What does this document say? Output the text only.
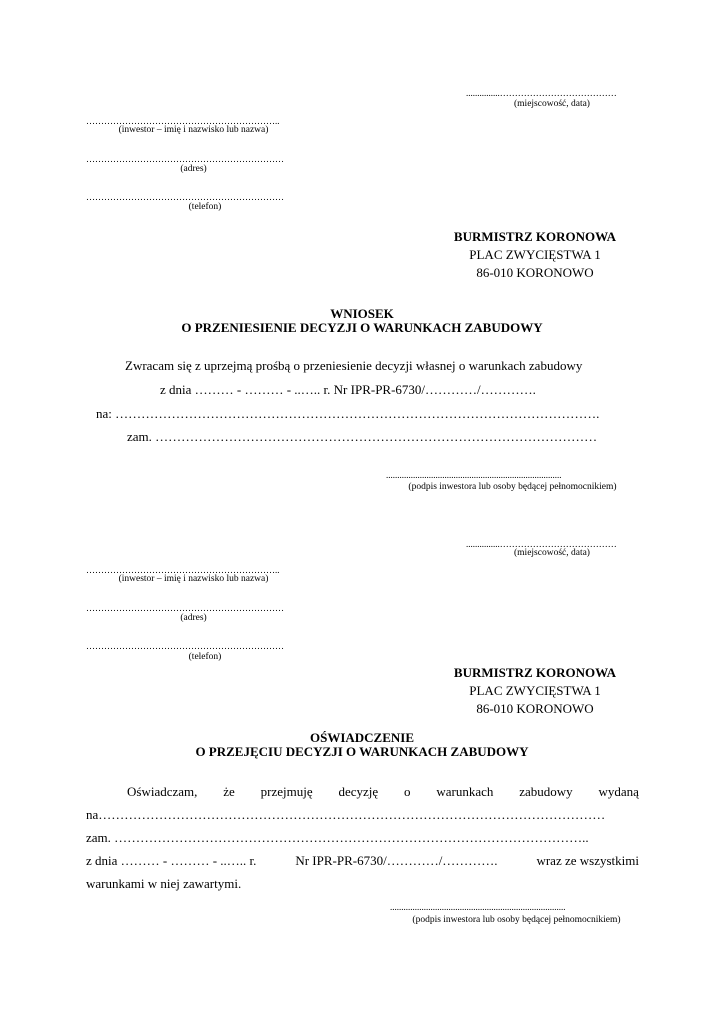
...............…………………………………
(miejscowość, data)
………………………………………………………..
(inwestor – imię i nazwisko lub nazwa)
…………………………………………………………
(adres)
…………………………………………………………
(telefon)
BURMISTRZ KORONOWA
PLAC ZWYCIĘSTWA 1
86-010 KORONOWO
WNIOSEK
O PRZENIESIENIE DECYZJI O WARUNKACH ZABUDOWY
Zwracam się z uprzejmą prośbą o przeniesienie decyzji własnej o warunkach zabudowy
z dnia ……… - ……… - ..….. r. Nr IPR-PR-6730/…………/………….
na: ………………………………………………………………………………………………….
zam. …………………………………………………………………………………………
..............................................................................
(podpis inwestora lub osoby będącej pełnomocnikiem)
...............…………………………………
(miejscowość, data)
………………………………………………………..
(inwestor – imię i nazwisko lub nazwa)
…………………………………………………………
(adres)
…………………………………………………………
(telefon)
BURMISTRZ KORONOWA
PLAC ZWYCIĘSTWA 1
86-010 KORONOWO
OŚWIADCZENIE
O PRZEJĘCIU DECYZJI O WARUNKACH ZABUDOWY
Oświadczam, że przejmuję decyzję o warunkach zabudowy wydaną
na………………………………………………………………………………………………………
zam. ………………………………………………………………………………………………..
z dnia ……… - ……… - ..….. r.	Nr IPR-PR-6730/…………/………….	wraz ze wszystkimi
warunkami w niej zawartymi.
..............................................................................
(podpis inwestora lub osoby będącej pełnomocnikiem)
